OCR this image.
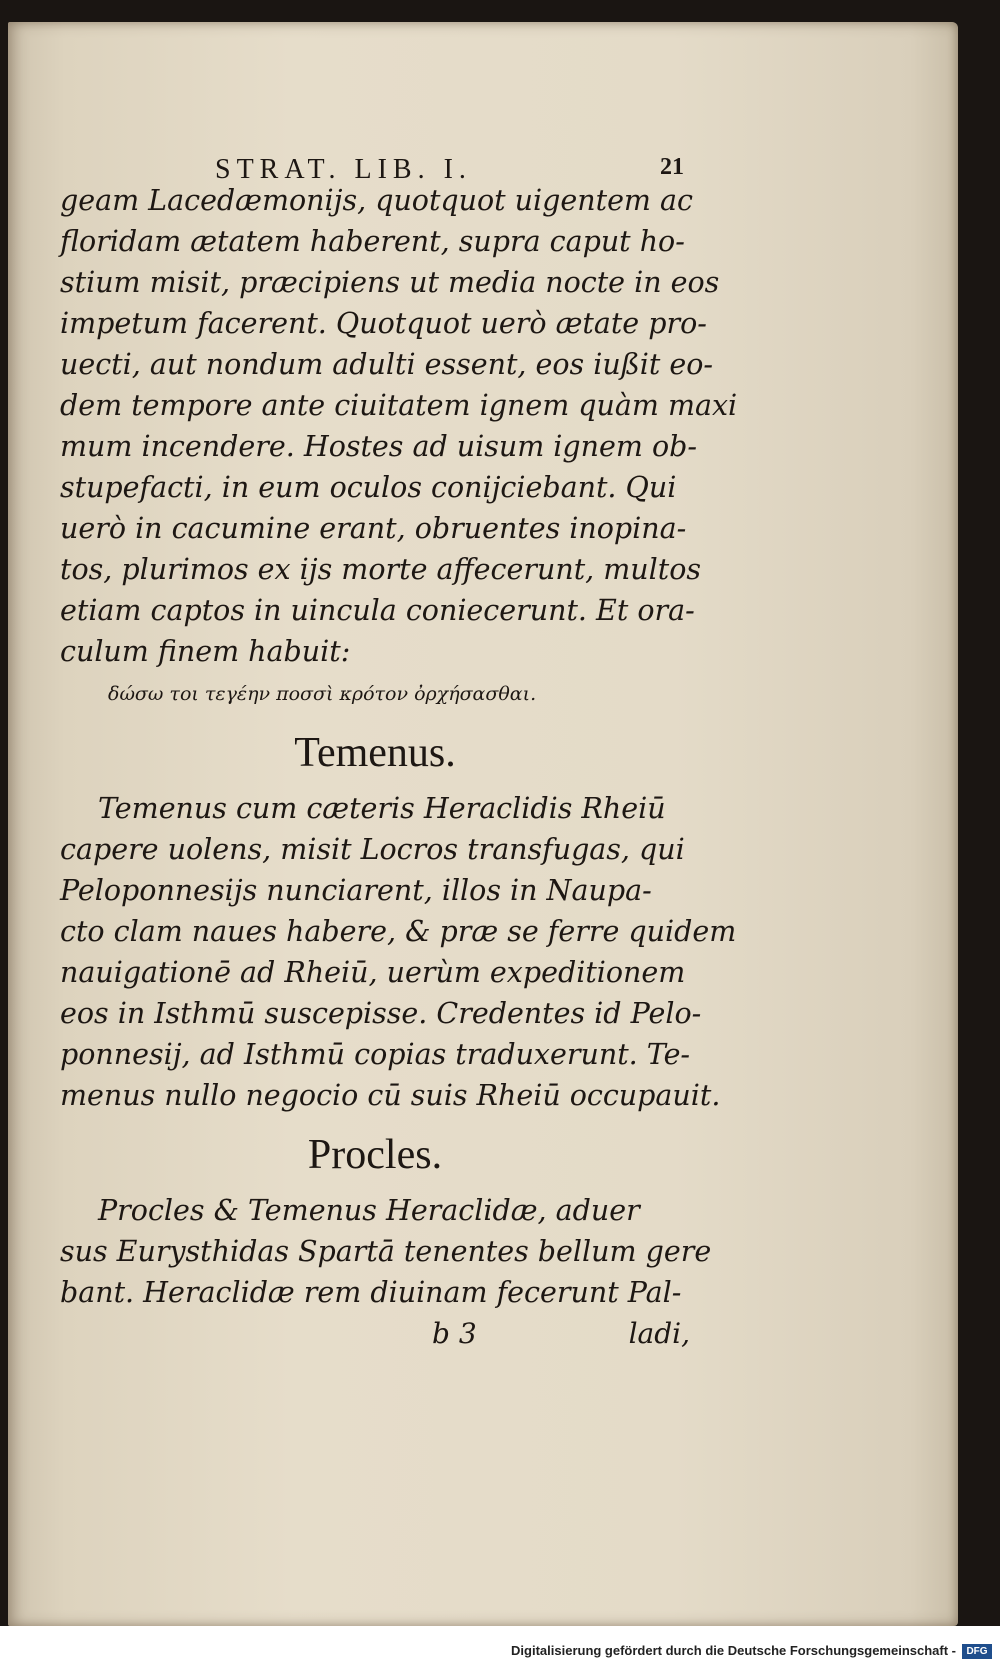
STRAT. LIB. I.	21

geam Lacedæmonijs, quotquot uigentem ac

floridam ætatem haberent, supra caput ho-

stium misit, præcipiens ut media nocte in eos

impetum facerent. Quotquot uerò ætate pro-

uecti, aut nondum adulti essent, eos iußit eo-

dem tempore ante ciuitatem ignem quàm maxi

mum incendere. Hostes ad uisum ignem ob-

stupefacti, in eum oculos conijciebant. Qui

uerò in cacumine erant, obruentes inopina-

tos, plurimos ex ijs morte affecerunt, multos

etiam captos in uincula coniecerunt. Et ora-

culum finem habuit:

δώσω τοι τεγέην ποσσὶ κρότον ὀρχήσασθαι.
Temenus.

Temenus cum cæteris Heraclidis Rheiū

capere uolens, misit Locros transfugas, qui

Peloponnesijs nunciarent, illos in Naupa-

cto clam naues habere, & præ se ferre quidem

nauigationē ad Rheiū, uerùm expeditionem

eos in Isthmū suscepisse. Credentes id Pelo-

ponnesij, ad Isthmū copias traduxerunt. Te-

menus nullo negocio cū suis Rheiū occupauit.

Procles.

Procles & Temenus Heraclidæ, aduer

sus Eurysthidas Spartā tenentes bellum gere

bant. Heraclidæ rem diuinam fecerunt Pal-

b 3	ladi,
Digitalisierung gefördert durch die Deutsche Forschungsgemeinschaft -	DFG
